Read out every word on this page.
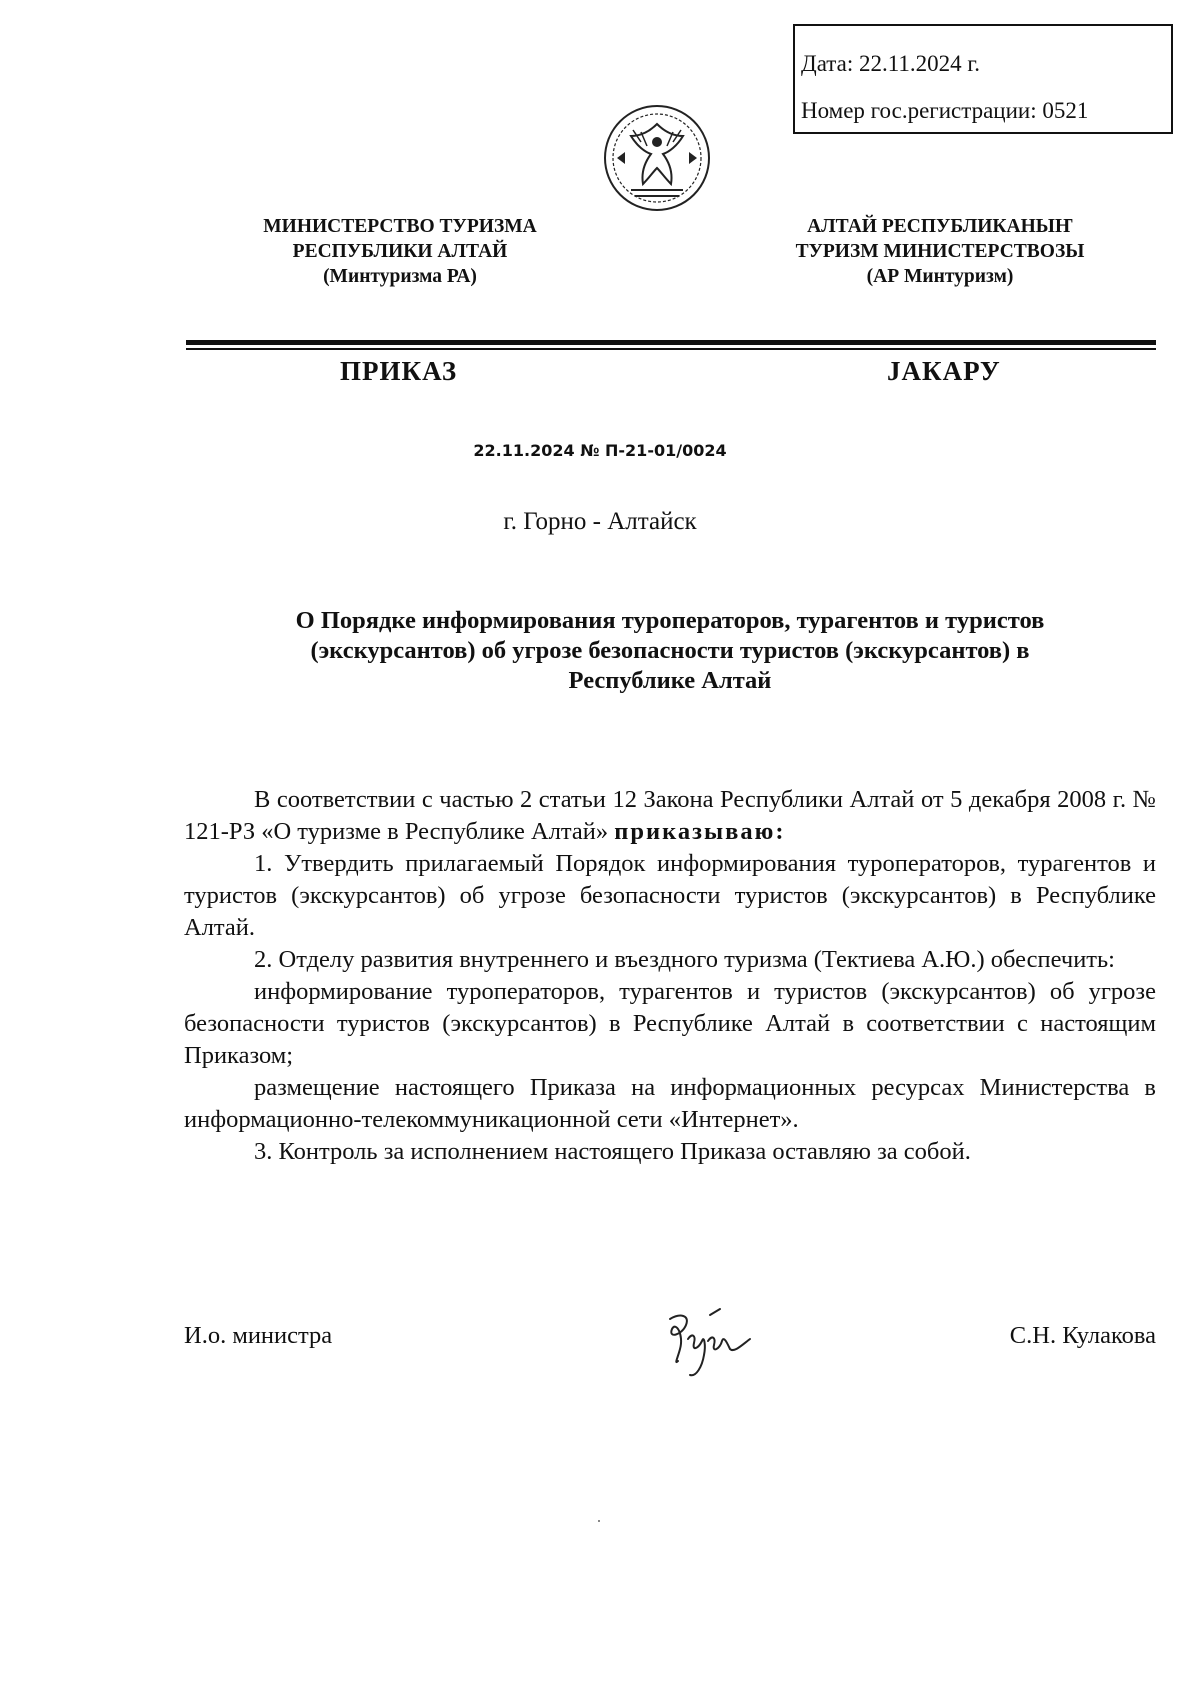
Дата: 22.11.2024 г.
Номер гос.регистрации: 0521
МИНИСТЕРСТВО ТУРИЗМА
РЕСПУБЛИКИ АЛТАЙ
(Минтуризма РА)
АЛТАЙ РЕСПУБЛИКАНЫҤ
ТУРИЗМ МИНИСТЕРСТВОЗЫ
(АР Минтуризм)
ПРИКАЗ	JАКАРУ
22.11.2024 № П-21-01/0024
г. Горно - Алтайск
О Порядке информирования туроператоров, турагентов и туристов
(экскурсантов) об угрозе безопасности туристов (экскурсантов) в
Республике Алтай

В соответствии с частью 2 статьи 12 Закона Республики Алтай от 5 декабря 2008 г. № 121-РЗ «О туризме в Республике Алтай» приказываю:

1. Утвердить прилагаемый Порядок информирования туроператоров, турагентов и туристов (экскурсантов) об угрозе безопасности туристов (экскурсантов) в Республике Алтай.

2. Отделу развития внутреннего и въездного туризма (Тектиева А.Ю.) обеспечить:

информирование туроператоров, турагентов и туристов (экскурсантов) об угрозе безопасности туристов (экскурсантов) в Республике Алтай в соответствии с настоящим Приказом;

размещение настоящего Приказа на информационных ресурсах Министерства в информационно-телекоммуникационной сети «Интернет».

3. Контроль за исполнением настоящего Приказа оставляю за собой.

И.о. министра	С.Н. Кулакова
